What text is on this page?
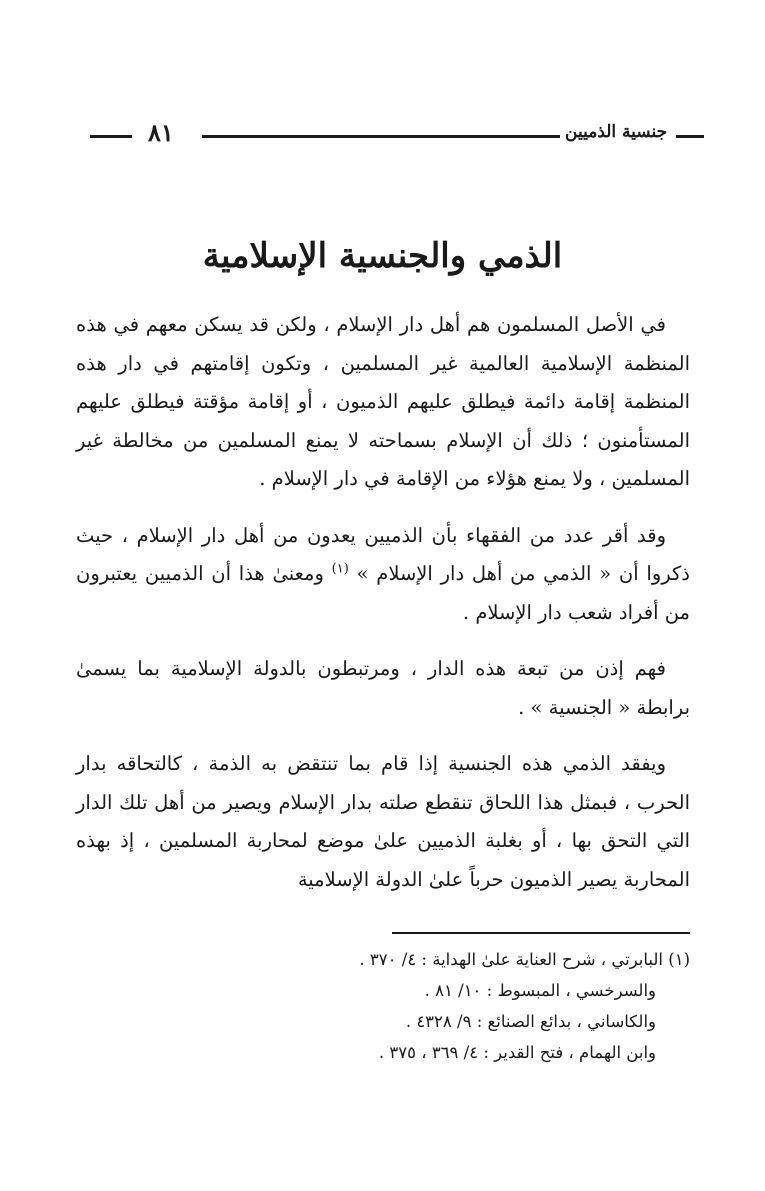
٨١	جنسية الذميين
الذمي والجنسية الإسلامية

في الأصل المسلمون هم أهل دار الإسلام ، ولكن قد يسكن معهم في هذه المنظمة الإسلامية العالمية غير المسلمين ، وتكون إقامتهم في دار هذه المنظمة إقامة دائمة فيطلق عليهم الذميون ، أو إقامة مؤقتة فيطلق عليهم المستأمنون ؛ ذلك أن الإسلام بسماحته لا يمنع المسلمين من مخالطة غير المسلمين ، ولا يمنع هؤلاء من الإقامة في دار الإسلام .

وقد أقر عدد من الفقهاء بأن الذميين يعدون من أهل دار الإسلام ، حيث ذكروا أن « الذمي من أهل دار الإسلام » $^{(١)}$ ومعنىٰ هذا أن الذميين يعتبرون من أفراد شعب دار الإسلام .

فهم إذن من تبعة هذه الدار ، ومرتبطون بالدولة الإسلامية بما يسمىٰ برابطة « الجنسية » .

ويفقد الذمي هذه الجنسية إذا قام بما تنتقض به الذمة ، كالتحاقه بدار الحرب ، فبمثل هذا اللحاق تنقطع صلته بدار الإسلام ويصير من أهل تلك الدار التي التحق بها ، أو بغلبة الذميين علىٰ موضع لمحاربة المسلمين ، إذ بهذه المحاربة يصير الذميون حرباً علىٰ الدولة الإسلامية

(١) البابرتي ، شرح العناية علىٰ الهداية : ٤/ ٣٧٠ .

والسرخسي ، المبسوط : ١٠/ ٨١ .

والكاساني ، بدائع الصنائع : ٩/ ٤٣٢٨ .

وابن الهمام ، فتح القدير : ٤/ ٣٦٩ ، ٣٧٥ .
